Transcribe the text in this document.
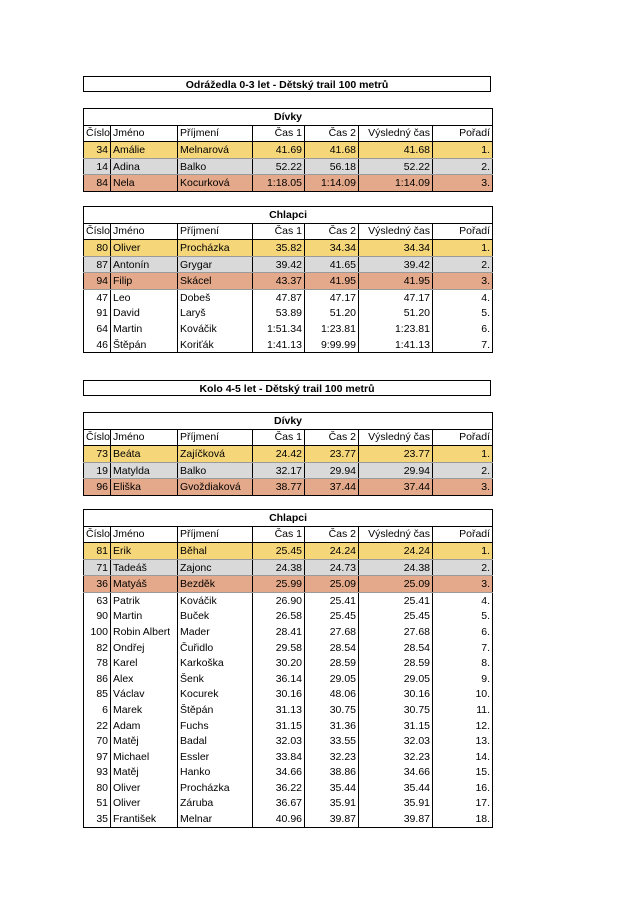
Odrážedla 0-3 let - Dětský trail 100 metrů
Dívky						
Číslo	Jméno	Příjmení	Čas 1	Čas 2	Výsledný čas	Pořadí
34	Amálie	Melnarová	41.69	41.68	41.68	1.
14	Adina	Balko	52.22	56.18	52.22	2.
84	Nela	Kocurková	1:18.05	1:14.09	1:14.09	3.
Chlapci						
Číslo	Jméno	Příjmení	Čas 1	Čas 2	Výsledný čas	Pořadí
80	Oliver	Procházka	35.82	34.34	34.34	1.
87	Antonín	Grygar	39.42	41.65	39.42	2.
94	Filip	Skácel	43.37	41.95	41.95	3.
47	Leo	Dobeš	47.87	47.17	47.17	4.
91	David	Laryš	53.89	51.20	51.20	5.
64	Martin	Kováčik	1:51.34	1:23.81	1:23.81	6.
46	Štěpán	Koriťák	1:41.13	9:99.99	1:41.13	7.
Kolo 4-5 let - Dětský trail 100 metrů
Dívky						
Číslo	Jméno	Příjmení	Čas 1	Čas 2	Výsledný čas	Pořadí
73	Beáta	Zajíčková	24.42	23.77	23.77	1.
19	Matylda	Balko	32.17	29.94	29.94	2.
96	Eliška	Gvoždiaková	38.77	37.44	37.44	3.
Chlapci						
Číslo	Jméno	Příjmení	Čas 1	Čas 2	Výsledný čas	Pořadí
81	Erik	Běhal	25.45	24.24	24.24	1.
71	Tadeáš	Zajonc	24.38	24.73	24.38	2.
36	Matyáš	Bezděk	25.99	25.09	25.09	3.
63	Patrik	Kováčik	26.90	25.41	25.41	4.
90	Martin	Buček	26.58	25.45	25.45	5.
100	Robin Albert	Mader	28.41	27.68	27.68	6.
82	Ondřej	Čuřidlo	29.58	28.54	28.54	7.
78	Karel	Karkoška	30.20	28.59	28.59	8.
86	Alex	Šenk	36.14	29.05	29.05	9.
85	Václav	Kocurek	30.16	48.06	30.16	10.
6	Marek	Štěpán	31.13	30.75	30.75	11.
22	Adam	Fuchs	31.15	31.36	31.15	12.
70	Matěj	Badal	32.03	33.55	32.03	13.
97	Michael	Essler	33.84	32.23	32.23	14.
93	Matěj	Hanko	34.66	38.86	34.66	15.
80	Oliver	Procházka	36.22	35.44	35.44	16.
51	Oliver	Záruba	36.67	35.91	35.91	17.
35	František	Melnar	40.96	39.87	39.87	18.
